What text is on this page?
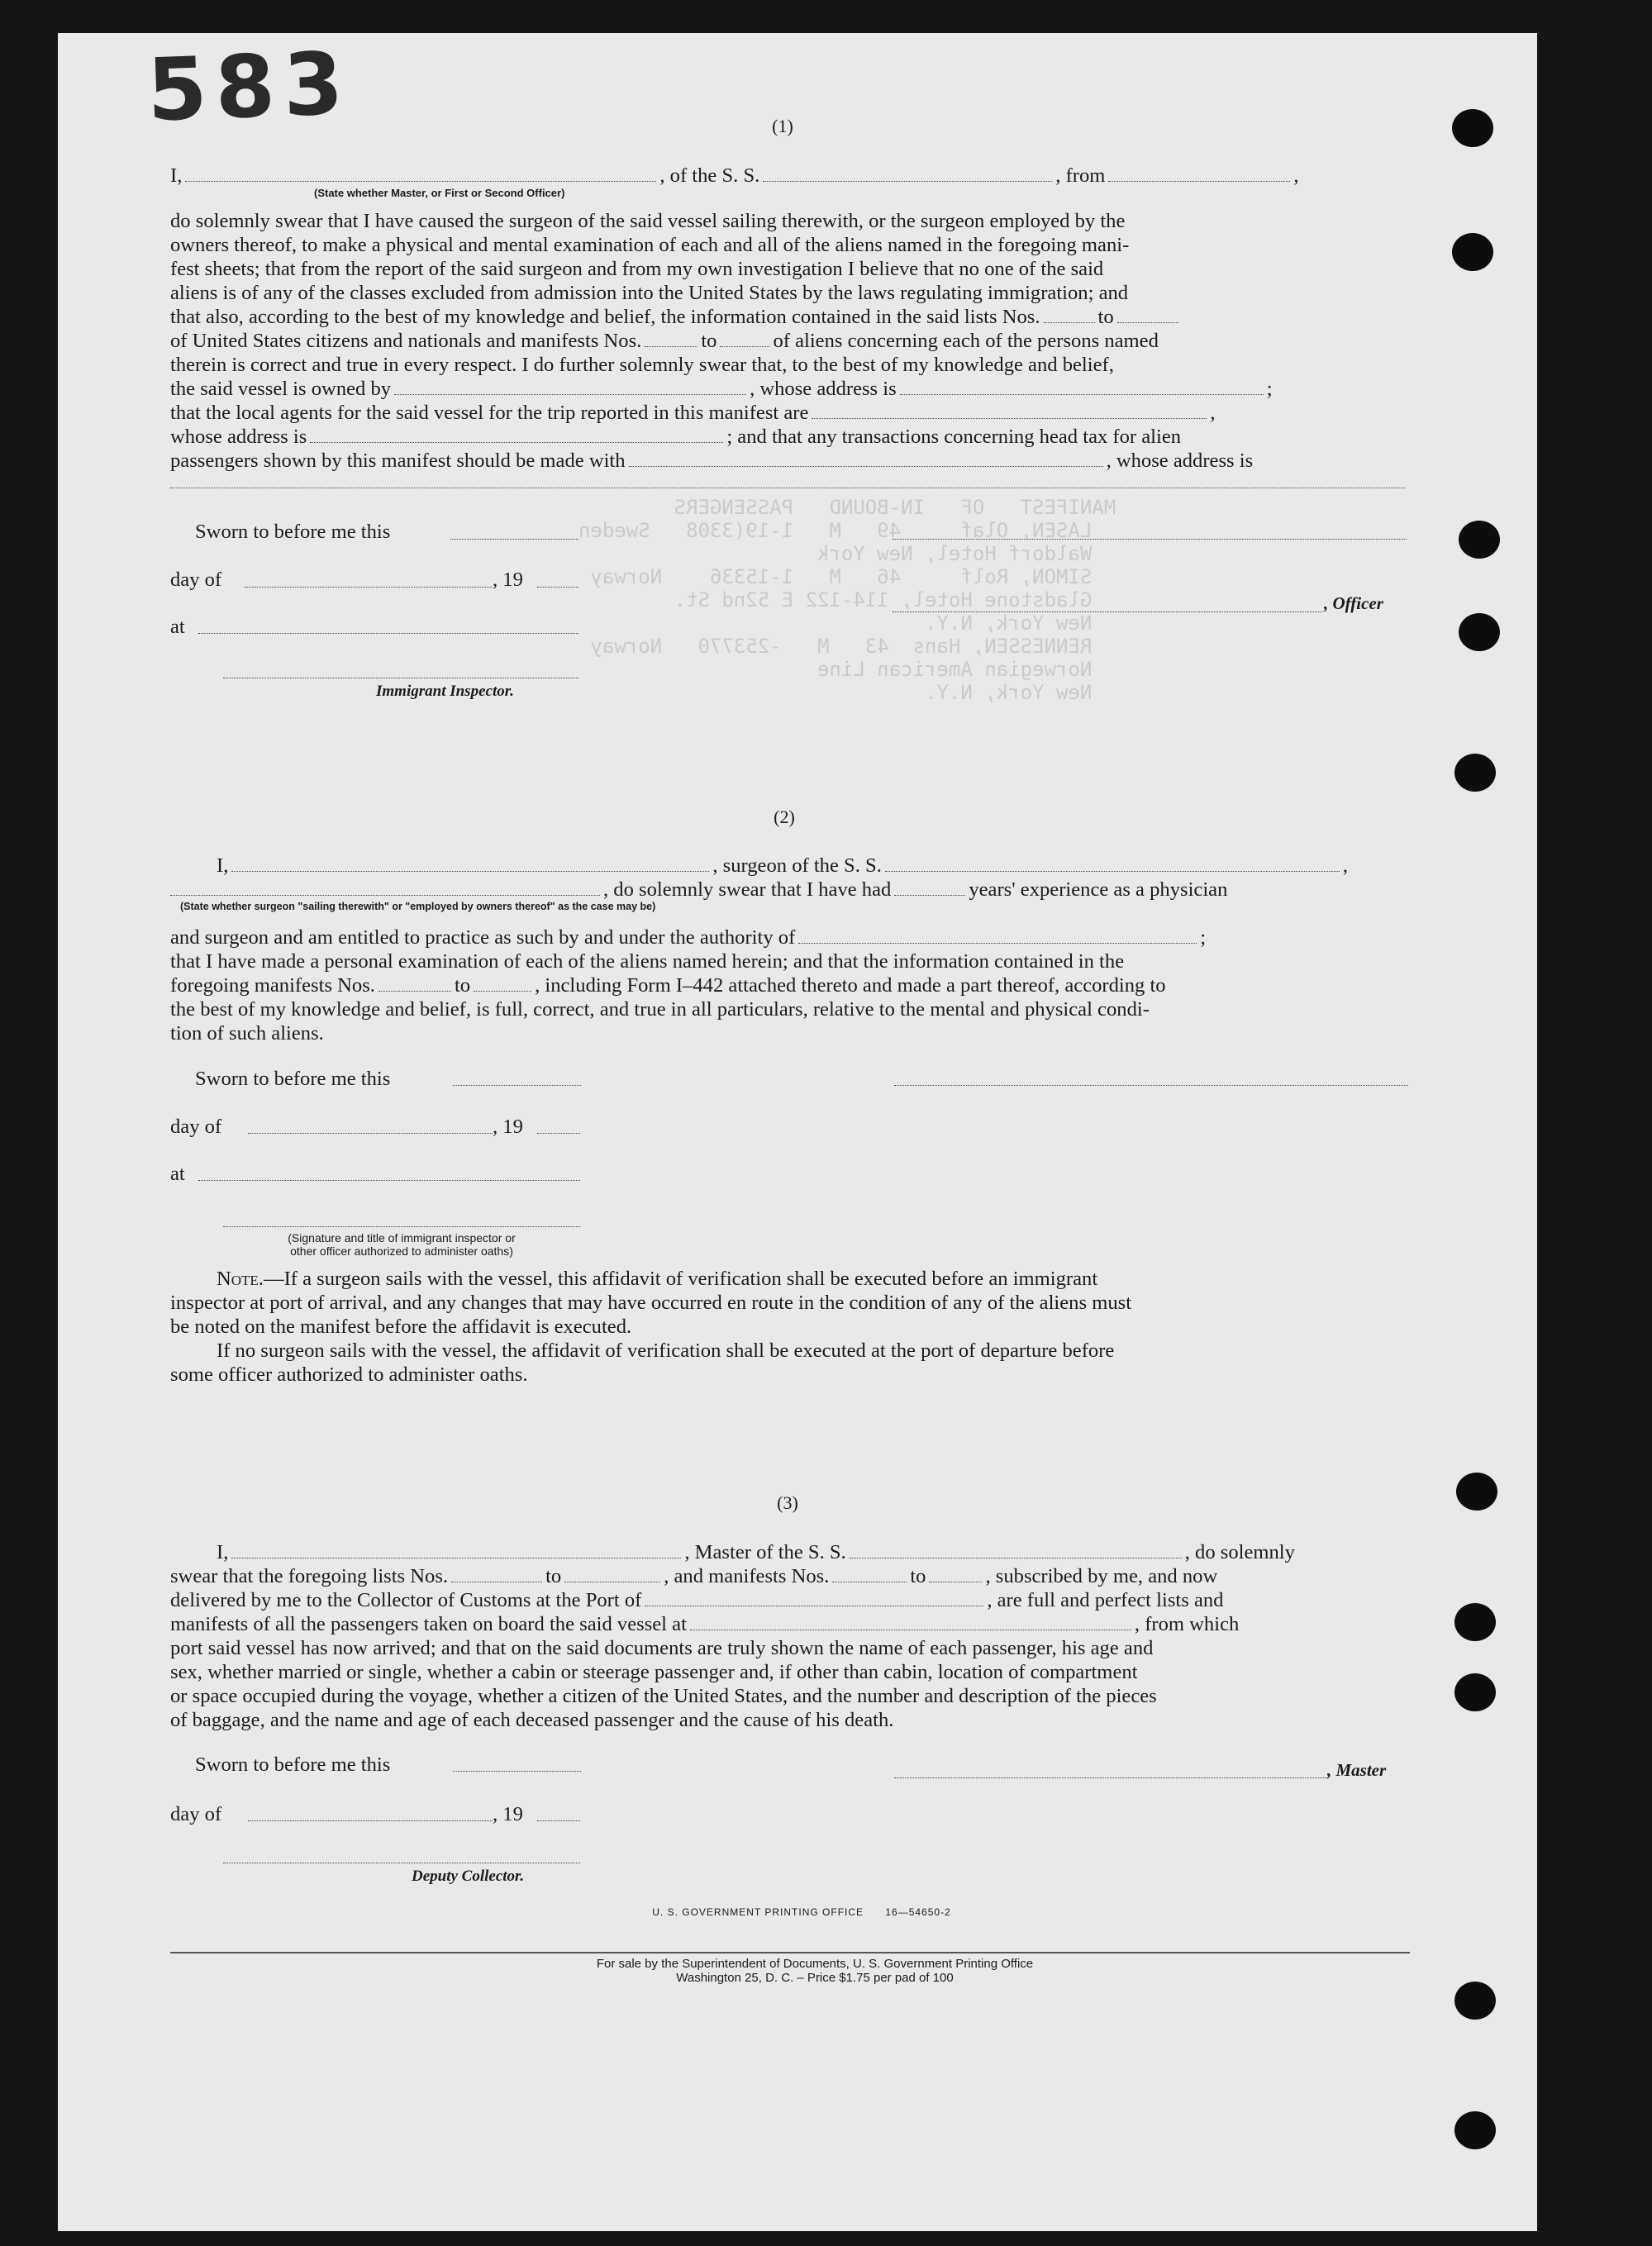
MANIFEST   OF   IN-BOUND   PASSENGERS
LASEN, Olaf     49   M   1-19(3308   Sweden
Waldorf Hotel, New York
SIMON, Rolf     46   M   1-15336    Norway
Gladstone Hotel, 114-122 E 52nd St.
New York, N.Y.
RENNESSEN, Hans  43   M   -253770   Norway
Norwegian American Line
New York, N.Y.
583	(1)
I,	, of the S. S.	, from	,
(State whether Master, or First or Second Officer)
do solemnly swear that I have caused the surgeon of the said vessel sailing therewith, or the surgeon employed by the
owners thereof, to make a physical and mental examination of each and all of the aliens named in the foregoing mani-
fest sheets; that from the report of the said surgeon and from my own investigation I believe that no one of the said
aliens is of any of the classes excluded from admission into the United States by the laws regulating immigration; and
that also, according to the best of my knowledge and belief, the information contained in the said lists Nos.	to
of United States citizens and nationals and manifests Nos.	to	of aliens concerning each of the persons named
therein is correct and true in every respect. I do further solemnly swear that, to the best of my knowledge and belief,
the said vessel is owned by	, whose address is	;
that the local agents for the said vessel for the trip reported in this manifest are	,
whose address is	; and that any transactions concerning head tax for alien
passengers shown by this manifest should be made with	, whose address is
Sworn to before me this
day of	, 19
, Officer
at
Immigrant Inspector.
(2)
I,	, surgeon of the S. S.	,
, do solemnly swear that I have had	years' experience as a physician
(State whether surgeon "sailing therewith" or "employed by owners thereof" as the case may be)
and surgeon and am entitled to practice as such by and under the authority of	;
that I have made a personal examination of each of the aliens named herein; and that the information contained in the
foregoing manifests Nos.	to	, including Form I–442 attached thereto and made a part thereof, according to
the best of my knowledge and belief, is full, correct, and true in all particulars, relative to the mental and physical condi-
tion of such aliens.
Sworn to before me this
day of	, 19
at
(Signature and title of immigrant inspector or
other officer authorized to administer oaths)
Note.—If a surgeon sails with the vessel, this affidavit of verification shall be executed before an immigrant
inspector at port of arrival, and any changes that may have occurred en route in the condition of any of the aliens must
be noted on the manifest before the affidavit is executed.
If no surgeon sails with the vessel, the affidavit of verification shall be executed at the port of departure before
some officer authorized to administer oaths.
(3)
I,	, Master of the S. S.	, do solemnly
swear that the foregoing lists Nos.	to	, and manifests Nos.	to	, subscribed by me, and now
delivered by me to the Collector of Customs at the Port of	, are full and perfect lists and
manifests of all the passengers taken on board the said vessel at	, from which
port said vessel has now arrived; and that on the said documents are truly shown the name of each passenger, his age and
sex, whether married or single, whether a cabin or steerage passenger and, if other than cabin, location of compartment
or space occupied during the voyage, whether a citizen of the United States, and the number and description of the pieces
of baggage, and the name and age of each deceased passenger and the cause of his death.
Sworn to before me this	, Master
day of	, 19
Deputy Collector.
U. S. GOVERNMENT PRINTING OFFICE 16—54650-2
For sale by the Superintendent of Documents, U. S. Government Printing Office
Washington 25, D. C. – Price $1.75 per pad of 100
